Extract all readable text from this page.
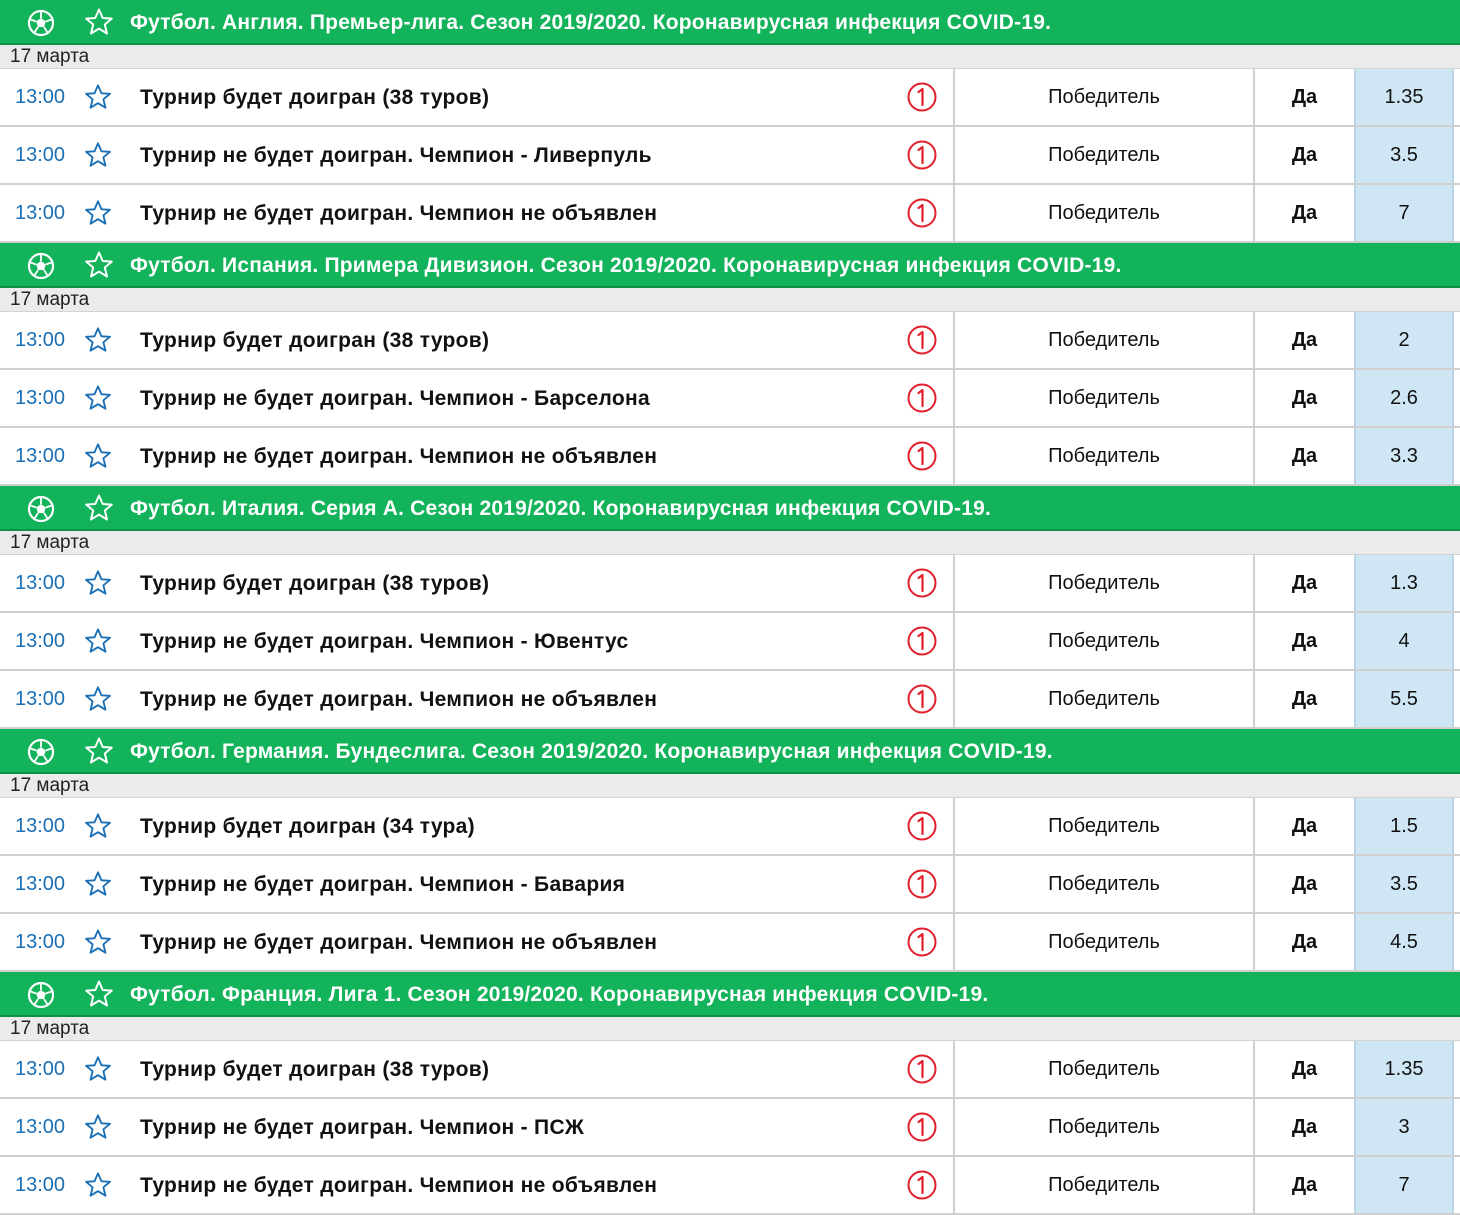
Футбол. Англия. Премьер-лига. Сезон 2019/2020. Коронавирусная инфекция COVID-19.
17 марта
13:00	Турнир будет доигран (38 туров)	Победитель	Да	1.35
13:00	Турнир не будет доигран. Чемпион - Ливерпуль	Победитель	Да	3.5
13:00	Турнир не будет доигран. Чемпион не объявлен	Победитель	Да	7
Футбол. Испания. Примера Дивизион. Сезон 2019/2020. Коронавирусная инфекция COVID-19.
17 марта
13:00	Турнир будет доигран (38 туров)	Победитель	Да	2
13:00	Турнир не будет доигран. Чемпион - Барселона	Победитель	Да	2.6
13:00	Турнир не будет доигран. Чемпион не объявлен	Победитель	Да	3.3
Футбол. Италия. Серия А. Сезон 2019/2020. Коронавирусная инфекция COVID-19.
17 марта
13:00	Турнир будет доигран (38 туров)	Победитель	Да	1.3
13:00	Турнир не будет доигран. Чемпион - Ювентус	Победитель	Да	4
13:00	Турнир не будет доигран. Чемпион не объявлен	Победитель	Да	5.5
Футбол. Германия. Бундеслига. Сезон 2019/2020. Коронавирусная инфекция COVID-19.
17 марта
13:00	Турнир будет доигран (34 тура)	Победитель	Да	1.5
13:00	Турнир не будет доигран. Чемпион - Бавария	Победитель	Да	3.5
13:00	Турнир не будет доигран. Чемпион не объявлен	Победитель	Да	4.5
Футбол. Франция. Лига 1. Сезон 2019/2020. Коронавирусная инфекция COVID-19.
17 марта
13:00	Турнир будет доигран (38 туров)	Победитель	Да	1.35
13:00	Турнир не будет доигран. Чемпион - ПСЖ	Победитель	Да	3
13:00	Турнир не будет доигран. Чемпион не объявлен	Победитель	Да	7
